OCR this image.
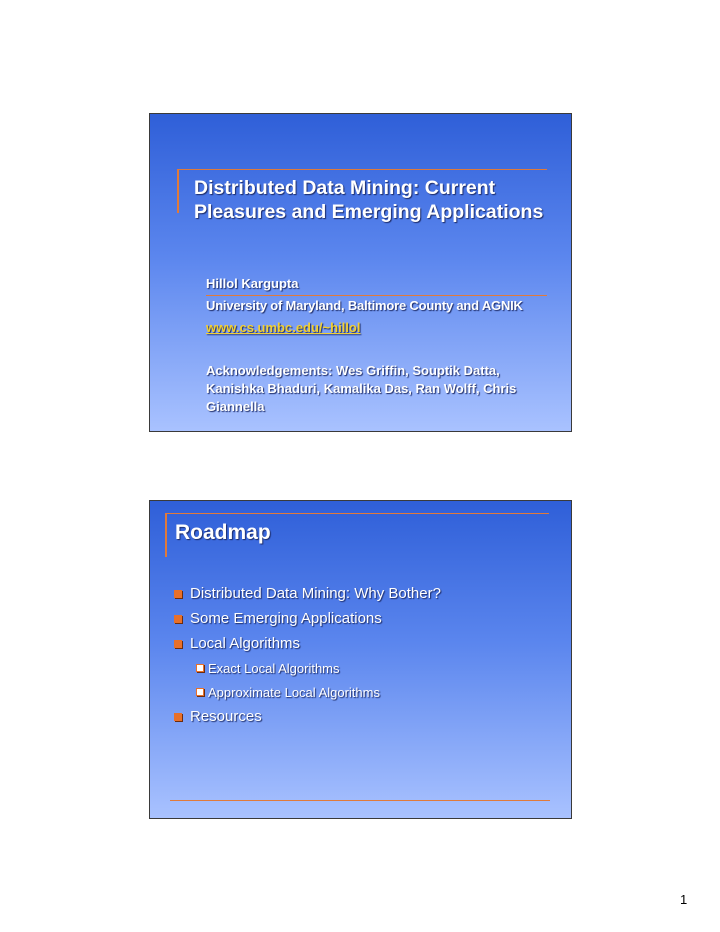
Distributed Data Mining: Current
Pleasures and Emerging Applications
Hillol Kargupta
University of Maryland, Baltimore County and AGNIK
www.cs.umbc.edu/~hillol
Acknowledgements: Wes Griffin, Souptik Datta, Kanishka Bhaduri, Kamalika Das, Ran Wolff, Chris Giannella
Roadmap
Distributed Data Mining: Why Bother?
Some Emerging Applications
Local Algorithms
Exact Local Algorithms
Approximate Local Algorithms
Resources
1
